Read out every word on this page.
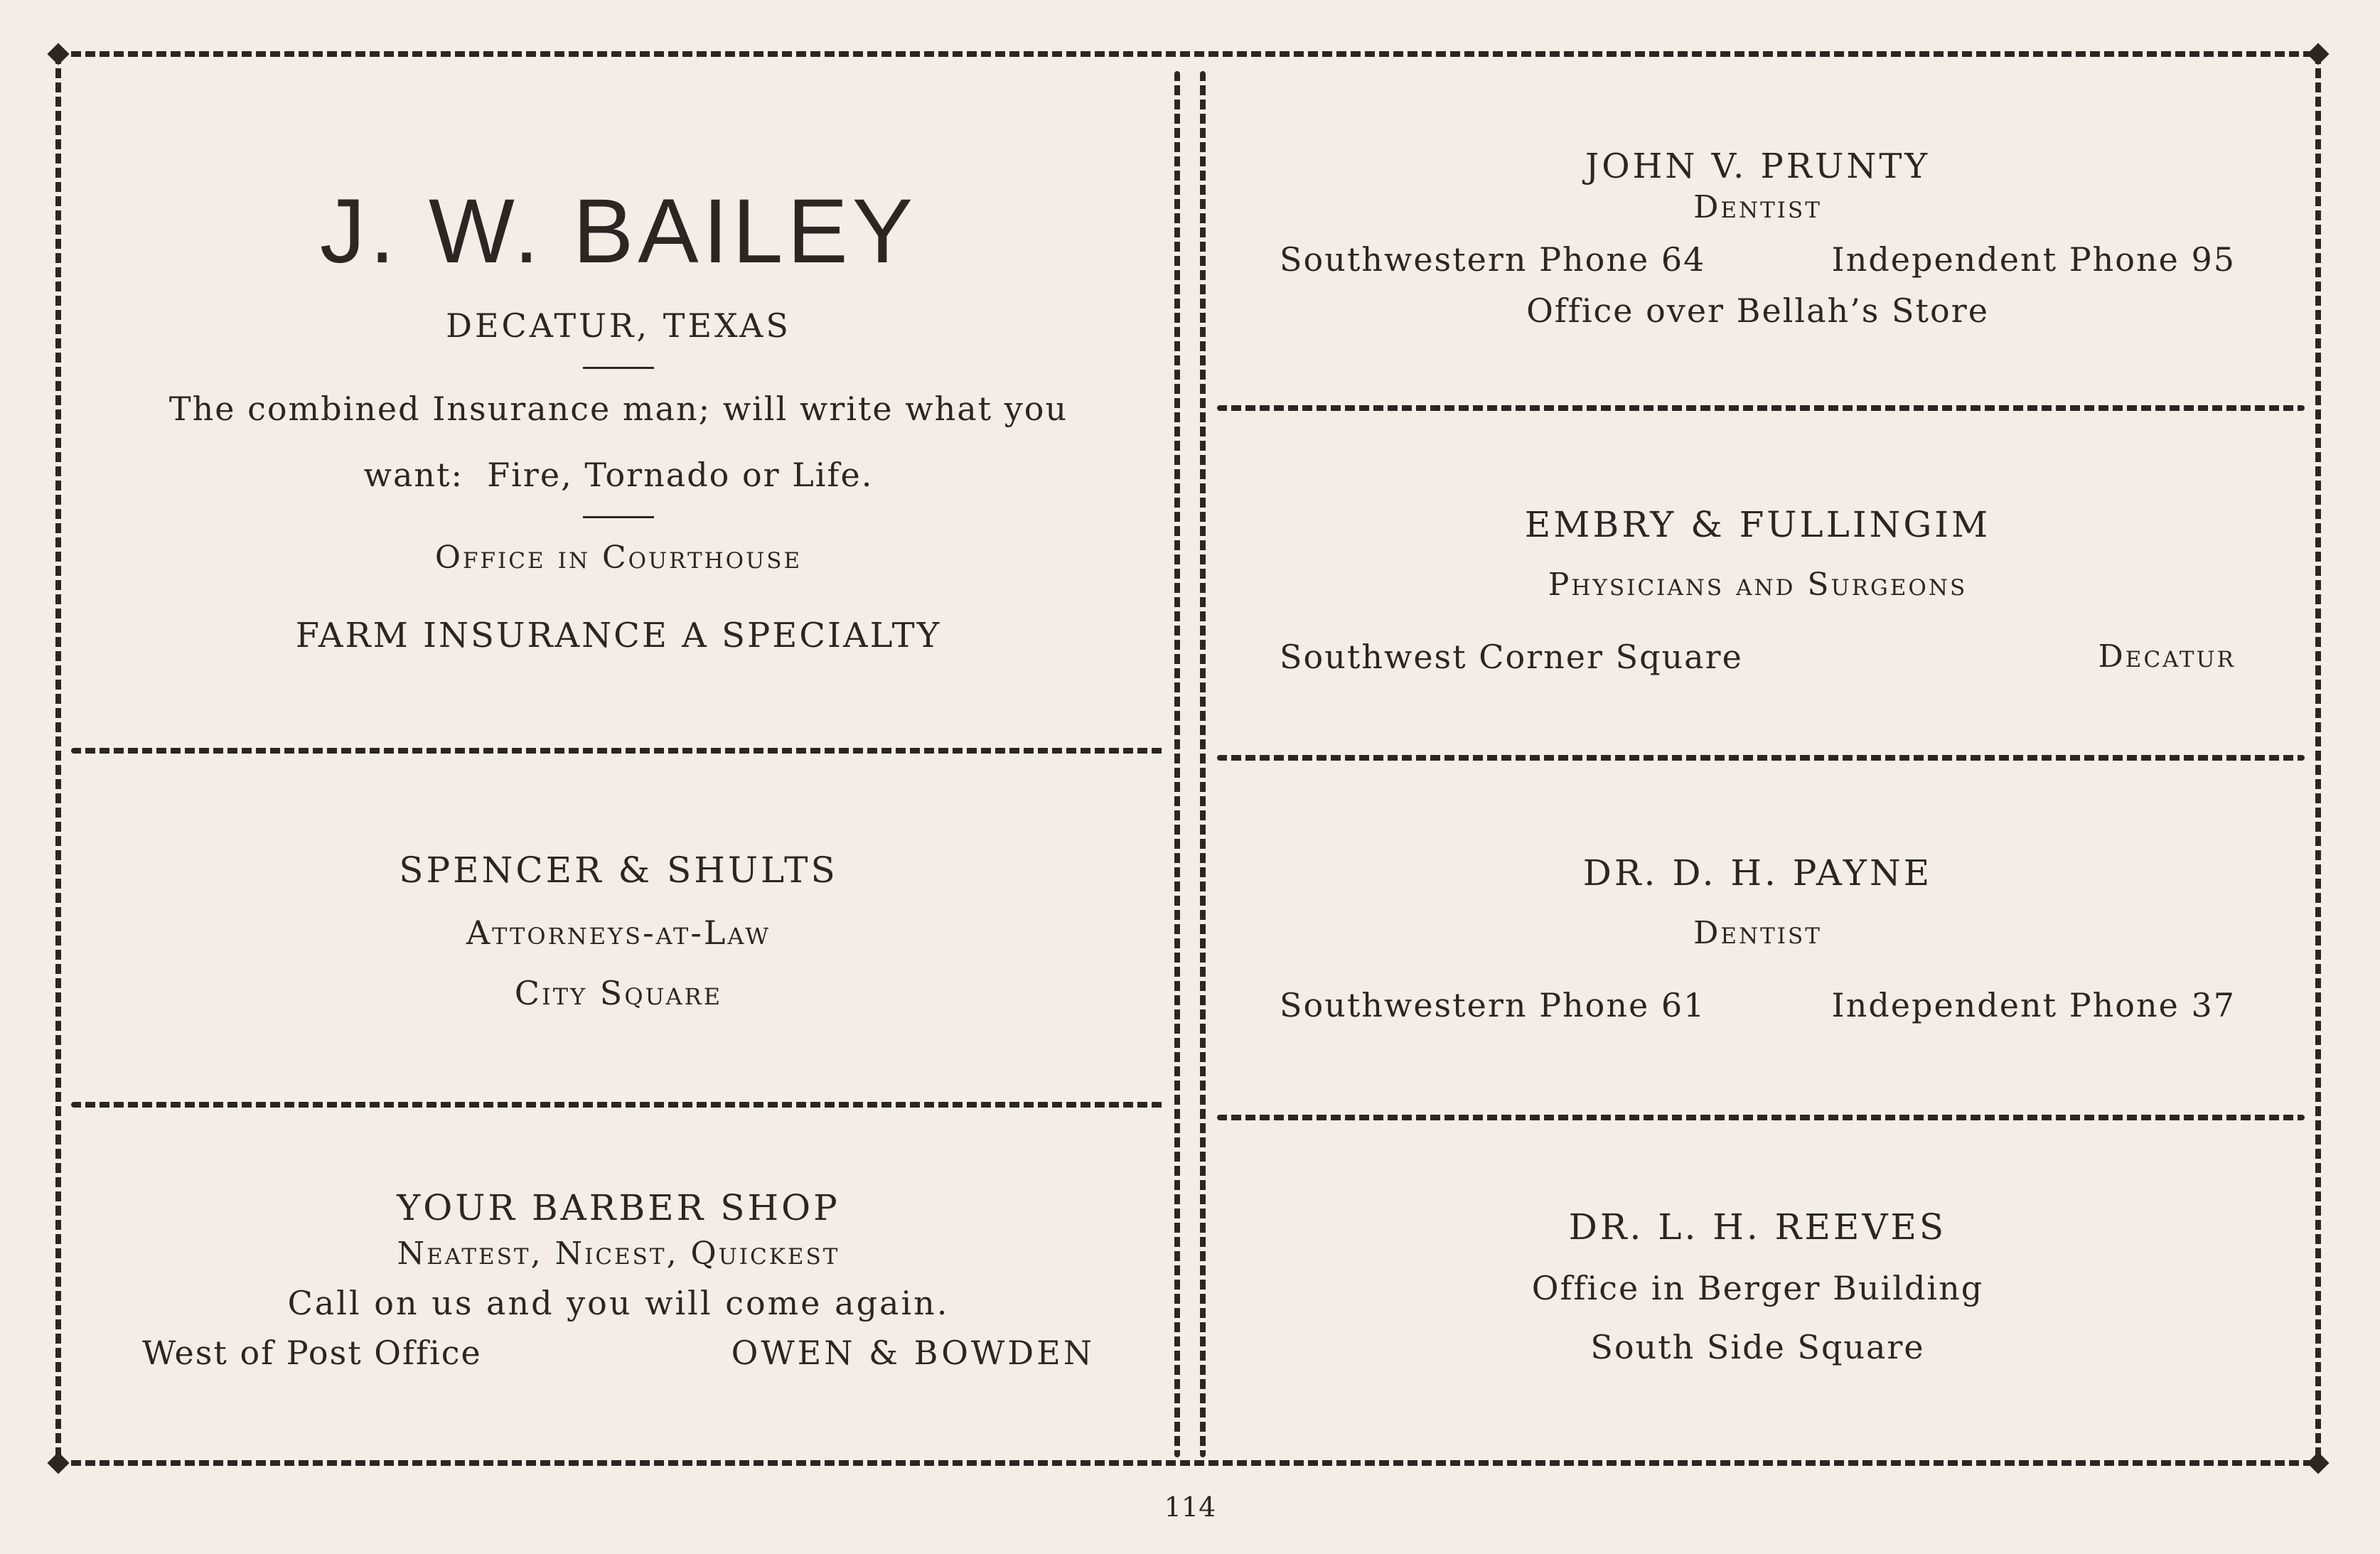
J. W. BAILEY

DECATUR, TEXAS

The combined Insurance man; will write what you

want:  Fire, Tornado or Life.

Office in Courthouse

FARM INSURANCE A SPECIALTY

SPENCER & SHULTS

Attorneys-at-Law

City Square

YOUR BARBER SHOP

Neatest, Nicest, Quickest

Call on us and you will come again.

West of Post Office	OWEN & BOWDEN

JOHN V. PRUNTY

Dentist

Southwestern Phone 64	Independent Phone 95

Office over Bellah’s Store

EMBRY & FULLINGIM

Physicians and Surgeons

Southwest Corner Square	Decatur

DR. D. H. PAYNE

Dentist

Southwestern Phone 61	Independent Phone 37

DR. L. H. REEVES

Office in Berger Building

South Side Square

114
